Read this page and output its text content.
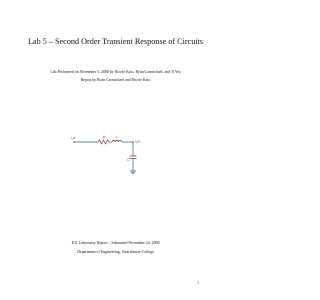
Lab 5 – Second Order Transient Response of Circuits
Lab Performed on November 5, 2008 by Nicole Kato, Ryan Carmichael, and Ti Wu
Report by Ryan Carmichael and Nicole Kato
VT	R	L
VC
C
E11 Laboratory Report – Submitted November 24, 2008
Department of Engineering, Swarthmore College
1
